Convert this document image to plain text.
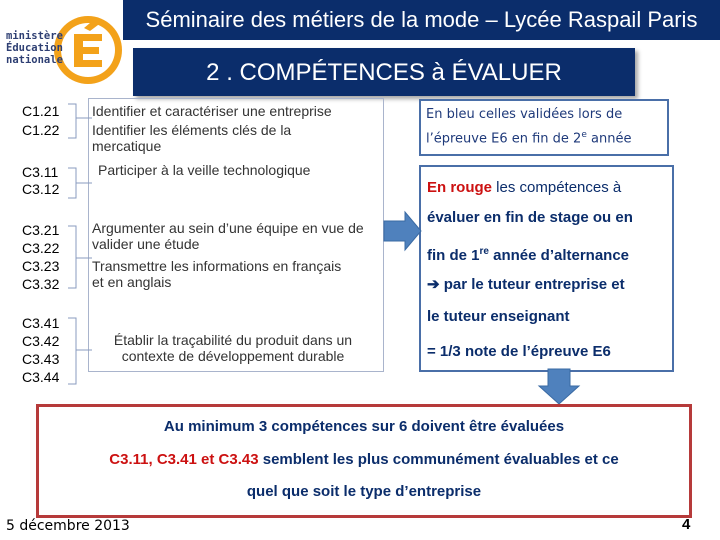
Séminaire des métiers de la mode – Lycée Raspail Paris
ministère
Éducation
nationale	2 . COMPÉTENCES à ÉVALUER
C1.21
C1.22
Identifier et caractériser une entreprise
Identifier les éléments clés de la mercatique
C3.11
C3.12
Participer à la veille technologique
C3.21
C3.22
C3.23
C3.32
Argumenter au sein d’une équipe en vue de valider une étude
Transmettre les informations en français et en anglais
C3.41
C3.42
C3.43
C3.44
Établir la traçabilité du produit dans un contexte de développement durable
En bleu celles validées lors de l’épreuve E6 en fin de 2e année
En rouge les compétences à
évaluer en fin de stage ou en
fin de 1re année d’alternance
➔ par le tuteur entreprise et
le tuteur enseignant
= 1/3 note de l’épreuve E6
Au minimum 3 compétences sur 6 doivent être évaluées
C3.11, C3.41 et C3.43 semblent les plus communément évaluables et ce
quel que soit le type d’entreprise
5 décembre 2013	4
